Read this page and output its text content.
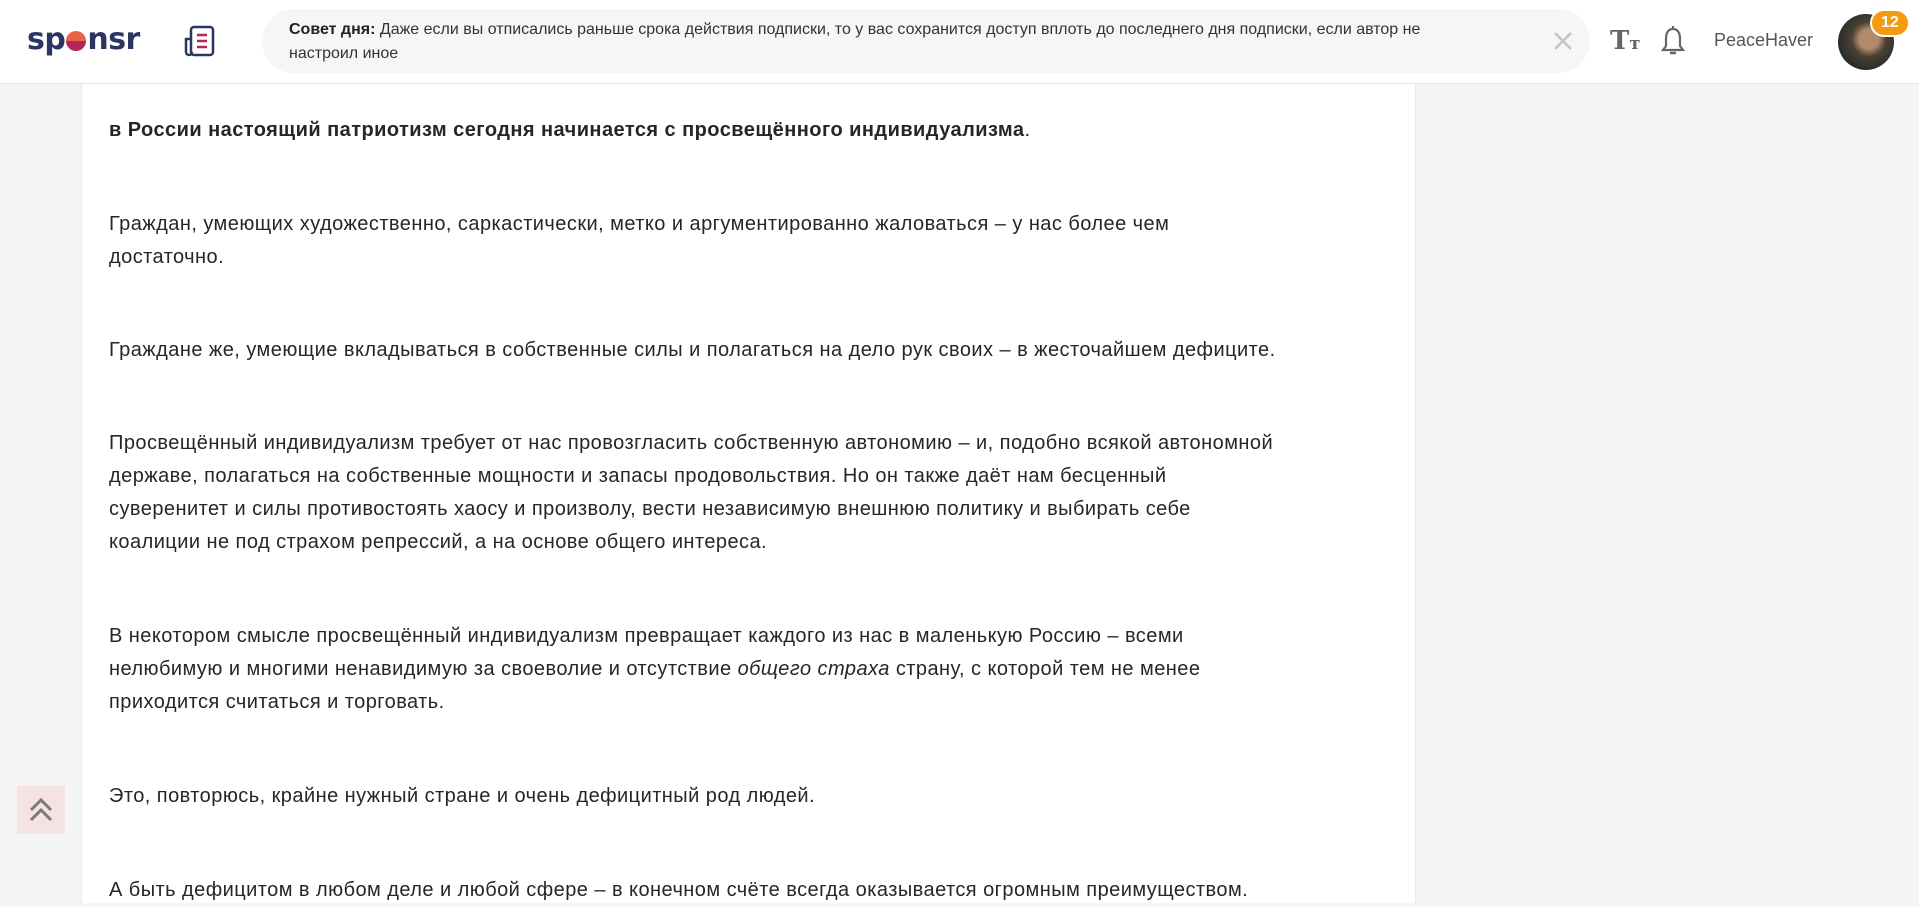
sp nsr	Совет дня: Даже если вы отписались раньше срока действия подписки, то у вас сохранится доступ вплоть до последнего дня подписки, если автор не настроил иное	Tт	PeaceHaver
12
в России настоящий патриотизм сегодня начинается с просвещённого индивидуализма.
Граждан, умеющих художественно, саркастически, метко и аргументированно жаловаться – у нас более чем
достаточно.
Граждане же, умеющие вкладываться в собственные силы и полагаться на дело рук своих – в жесточайшем дефиците.
Просвещённый индивидуализм требует от нас провозгласить собственную автономию – и, подобно всякой автономной
державе, полагаться на собственные мощности и запасы продовольствия. Но он также даёт нам бесценный
суверенитет и силы противостоять хаосу и произволу, вести независимую внешнюю политику и выбирать себе
коалиции не под страхом репрессий, а на основе общего интереса.
В некотором смысле просвещённый индивидуализм превращает каждого из нас в маленькую Россию – всеми
нелюбимую и многими ненавидимую за своеволие и отсутствие общего страха страну, с которой тем не менее
приходится считаться и торговать.
Это, повторюсь, крайне нужный стране и очень дефицитный род людей.
А быть дефицитом в любом деле и любой сфере – в конечном счёте всегда оказывается огромным преимуществом.
